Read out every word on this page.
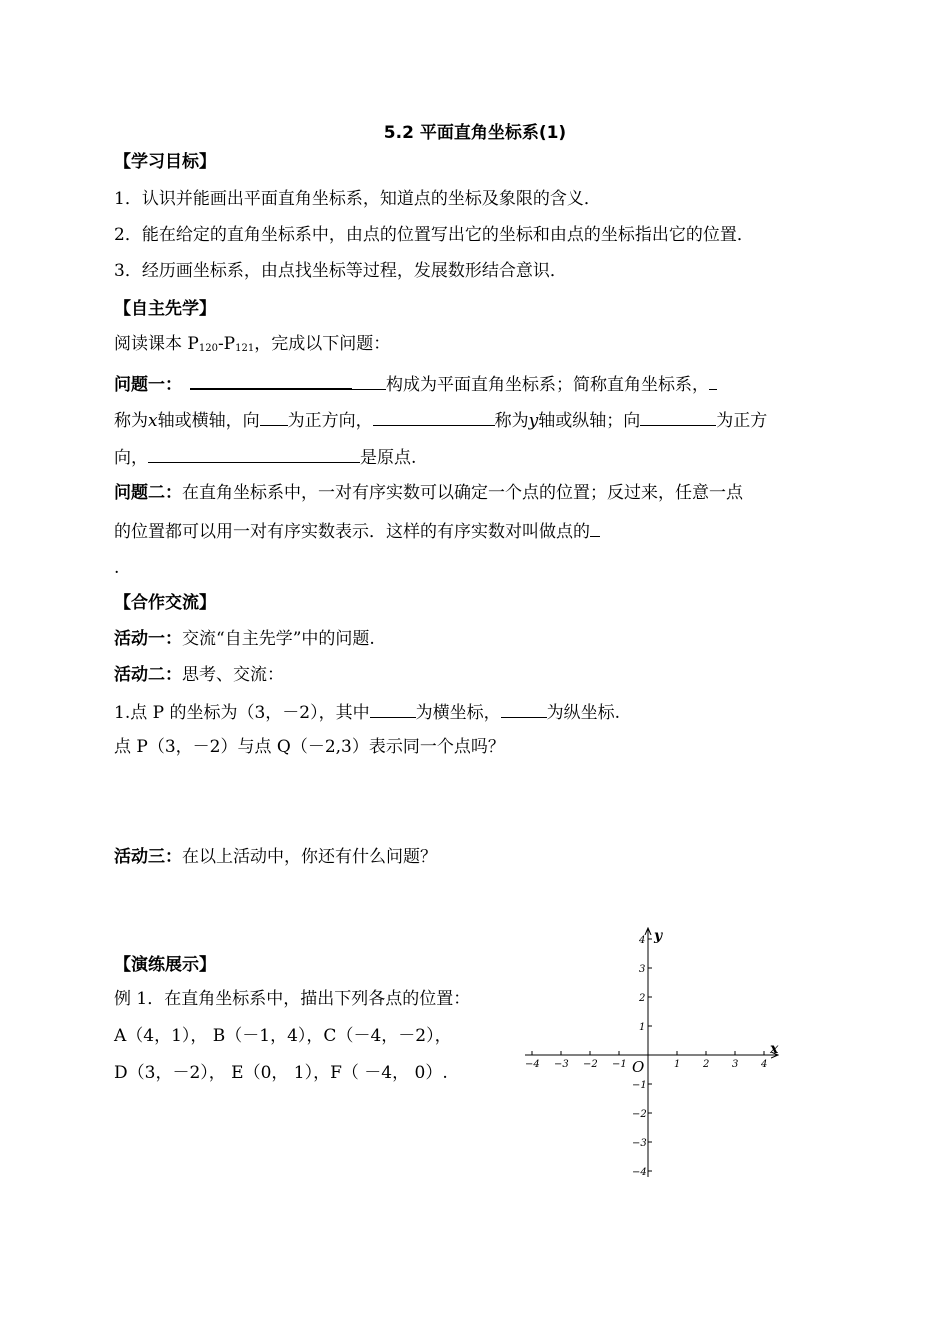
5.2 平面直角坐标系(1)
【学习目标】
1．认识并能画出平面直角坐标系，知道点的坐标及象限的含义．
2．能在给定的直角坐标系中，由点的位置写出它的坐标和由点的坐标指出它的位置．
3．经历画坐标系，由点找坐标等过程，发展数形结合意识．
【自主先学】
阅读课本 $P_{120}-P_{121}$，完成以下问题：
问题一：	构成为平面直角坐标系；简称直角坐标系，
称为x轴或横轴，向 为正方向，	称为y轴或纵轴；向	为正方
向，	是原点.
问题二：在直角坐标系中，一对有序实数可以确定一个点的位置；反过来，任意一点
的位置都可以用一对有序实数表示．这样的有序实数对叫做点的
.
【合作交流】
活动一：交流“自主先学”中的问题.
活动二：思考、交流：
1.点 P 的坐标为（3，－2），其中	为横坐标，	为纵坐标.
点 P（3，－2）与点 Q（－2,3）表示同一个点吗？
活动三：在以上活动中，你还有什么问题？
【演练展示】
例 1．在直角坐标系中，描出下列各点的位置：
A（4，1）， B（－1，4），C（－4，－2），
D（3，－2）， E（0， 1），F（ －4， 0）.	−4 −3 −2 −1	1 2 3 4
4
3
2
1
−1
−2
−3
−4
x
y
O
